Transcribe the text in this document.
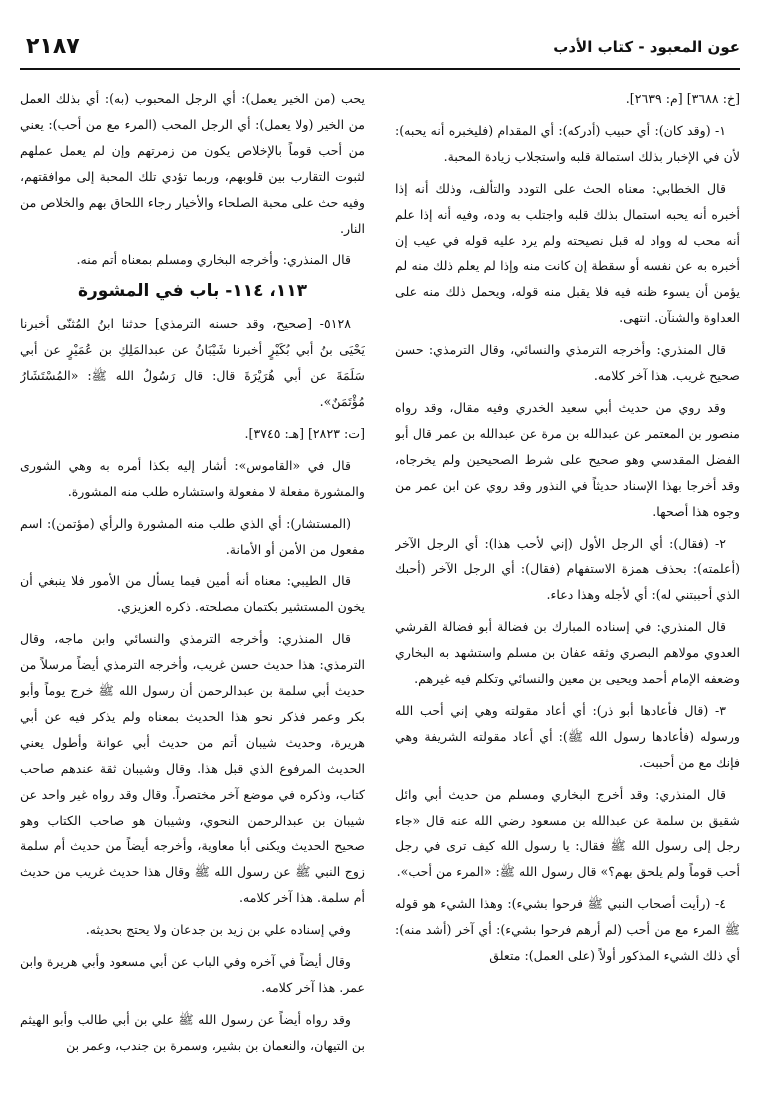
٢١٨٧	عون المعبود - كتاب الأدب

[خ: ٣٦٨٨] [م: ٢٦٣٩].

١- (وقد كان): أي حبيب (أدركه): أي المقدام (فليخبره أنه يحبه): لأن في الإخبار بذلك استمالة قلبه واستجلاب زيادة المحبة.

قال الخطابي: معناه الحث على التودد والتألف، وذلك أنه إذا أخبره أنه يحبه استمال بذلك قلبه واجتلب به وده، وفيه أنه إذا علم أنه محب له وواد له قبل نصيحته ولم يرد عليه قوله في عيب إن أخبره به عن نفسه أو سقطة إن كانت منه وإذا لم يعلم ذلك منه لم يؤمن أن يسوء ظنه فيه فلا يقبل منه قوله، ويحمل ذلك منه على العداوة والشنآن. انتهى.

قال المنذري: وأخرجه الترمذي والنسائي، وقال الترمذي: حسن صحيح غريب. هذا آخر كلامه.

وقد روي من حديث أبي سعيد الخدري وفيه مقال، وقد رواه منصور بن المعتمر عن عبدالله بن مرة عن عبدالله بن عمر قال أبو الفضل المقدسي وهو صحيح على شرط الصحيحين ولم يخرجاه، وقد أخرجا بهذا الإسناد حديثاً في النذور وقد روي عن ابن عمر من وجوه هذا أصحها.

٢- (فقال): أي الرجل الأول (إني لأحب هذا): أي الرجل الآخر (أعلمته): بحذف همزة الاستفهام (فقال): أي الرجل الآخر (أحبك الذي أحببتني له): أي لأجله وهذا دعاء.

قال المنذري: في إسناده المبارك بن فضالة أبو فضالة القرشي العدوي مولاهم البصري وثقه عفان بن مسلم واستشهد به البخاري وضعفه الإمام أحمد ويحيى بن معين والنسائي وتكلم فيه غيرهم.

٣- (قال فأعادها أبو ذر): أي أعاد مقولته وهي إني أحب الله ورسوله (فأعادها رسول الله ﷺ): أي أعاد مقولته الشريفة وهي فإنك مع من أحببت.

قال المنذري: وقد أخرج البخاري ومسلم من حديث أبي وائل شقيق بن سلمة عن عبدالله بن مسعود رضي الله عنه قال «جاء رجل إلى رسول الله ﷺ فقال: يا رسول الله كيف ترى في رجل أحب قوماً ولم يلحق بهم؟» قال رسول الله ﷺ: «المرء من أحب».

٤- (رأيت أصحاب النبي ﷺ فرحوا بشيء): وهذا الشيء هو قوله ﷺ المرء مع من أحب (لم أرهم فرحوا بشيء): أي آخر (أشد منه): أي ذلك الشيء المذكور أولاً (على العمل): متعلق

يحب (من الخير يعمل): أي الرجل المحبوب (به): أي بذلك العمل من الخير (ولا يعمل): أي الرجل المحب (المرء مع من أحب): يعني من أحب قوماً بالإخلاص يكون من زمرتهم وإن لم يعمل عملهم لثبوت التقارب بين قلوبهم، وربما تؤدي تلك المحبة إلى موافقتهم، وفيه حث على محبة الصلحاء والأخيار رجاء اللحاق بهم والخلاص من النار.

قال المنذري: وأخرجه البخاري ومسلم بمعناه أتم منه.

١١٣، ١١٤- باب في المشورة

٥١٢٨- [صحيح، وقد حسنه الترمذي] حدثنا ابنُ المُثنّى أخبرنا يَحْيَى بنُ أبي بُكَيْرٍ أخبرنا شَيْبَانُ عن عبدالمَلِكِ بن عُمَيْرٍ عن أبي سَلَمَةَ عن أبي هُرَيْرَةَ قال: قال رَسُولُ الله ﷺ: «المُسْتَشَارُ مُؤْتَمَنٌ».

[ت: ٢٨٢٣] [هـ: ٣٧٤٥].

قال في «القاموس»: أشار إليه بكذا أمره به وهي الشورى والمشورة مفعلة لا مفعولة واستشاره طلب منه المشورة.

(المستشار): أي الذي طلب منه المشورة والرأي (مؤتمن): اسم مفعول من الأمن أو الأمانة.

قال الطيبي: معناه أنه أمين فيما يسأل من الأمور فلا ينبغي أن يخون المستشير بكتمان مصلحته. ذكره العزيزي.

قال المنذري: وأخرجه الترمذي والنسائي وابن ماجه، وقال الترمذي: هذا حديث حسن غريب، وأخرجه الترمذي أيضاً مرسلاً من حديث أبي سلمة بن عبدالرحمن أن رسول الله ﷺ خرج يوماً وأبو بكر وعمر فذكر نحو هذا الحديث بمعناه ولم يذكر فيه عن أبي هريرة، وحديث شيبان أتم من حديث أبي عوانة وأطول يعني الحديث المرفوع الذي قبل هذا. وقال وشيبان ثقة عندهم صاحب كتاب، وذكره في موضع آخر مختصراً. وقال وقد رواه غير واحد عن شيبان بن عبدالرحمن النحوي، وشيبان هو صاحب الكتاب وهو صحيح الحديث ويكنى أبا معاوية، وأخرجه أيضاً من حديث أم سلمة زوج النبي ﷺ عن رسول الله ﷺ وقال هذا حديث غريب من حديث أم سلمة. هذا آخر كلامه.

وفي إسناده علي بن زيد بن جدعان ولا يحتج بحديثه.

وقال أيضاً في آخره وفي الباب عن أبي مسعود وأبي هريرة وابن عمر. هذا آخر كلامه.

وقد رواه أيضاً عن رسول الله ﷺ علي بن أبي طالب وأبو الهيثم بن التيهان، والنعمان بن بشير، وسمرة بن جندب، وعمر بن
